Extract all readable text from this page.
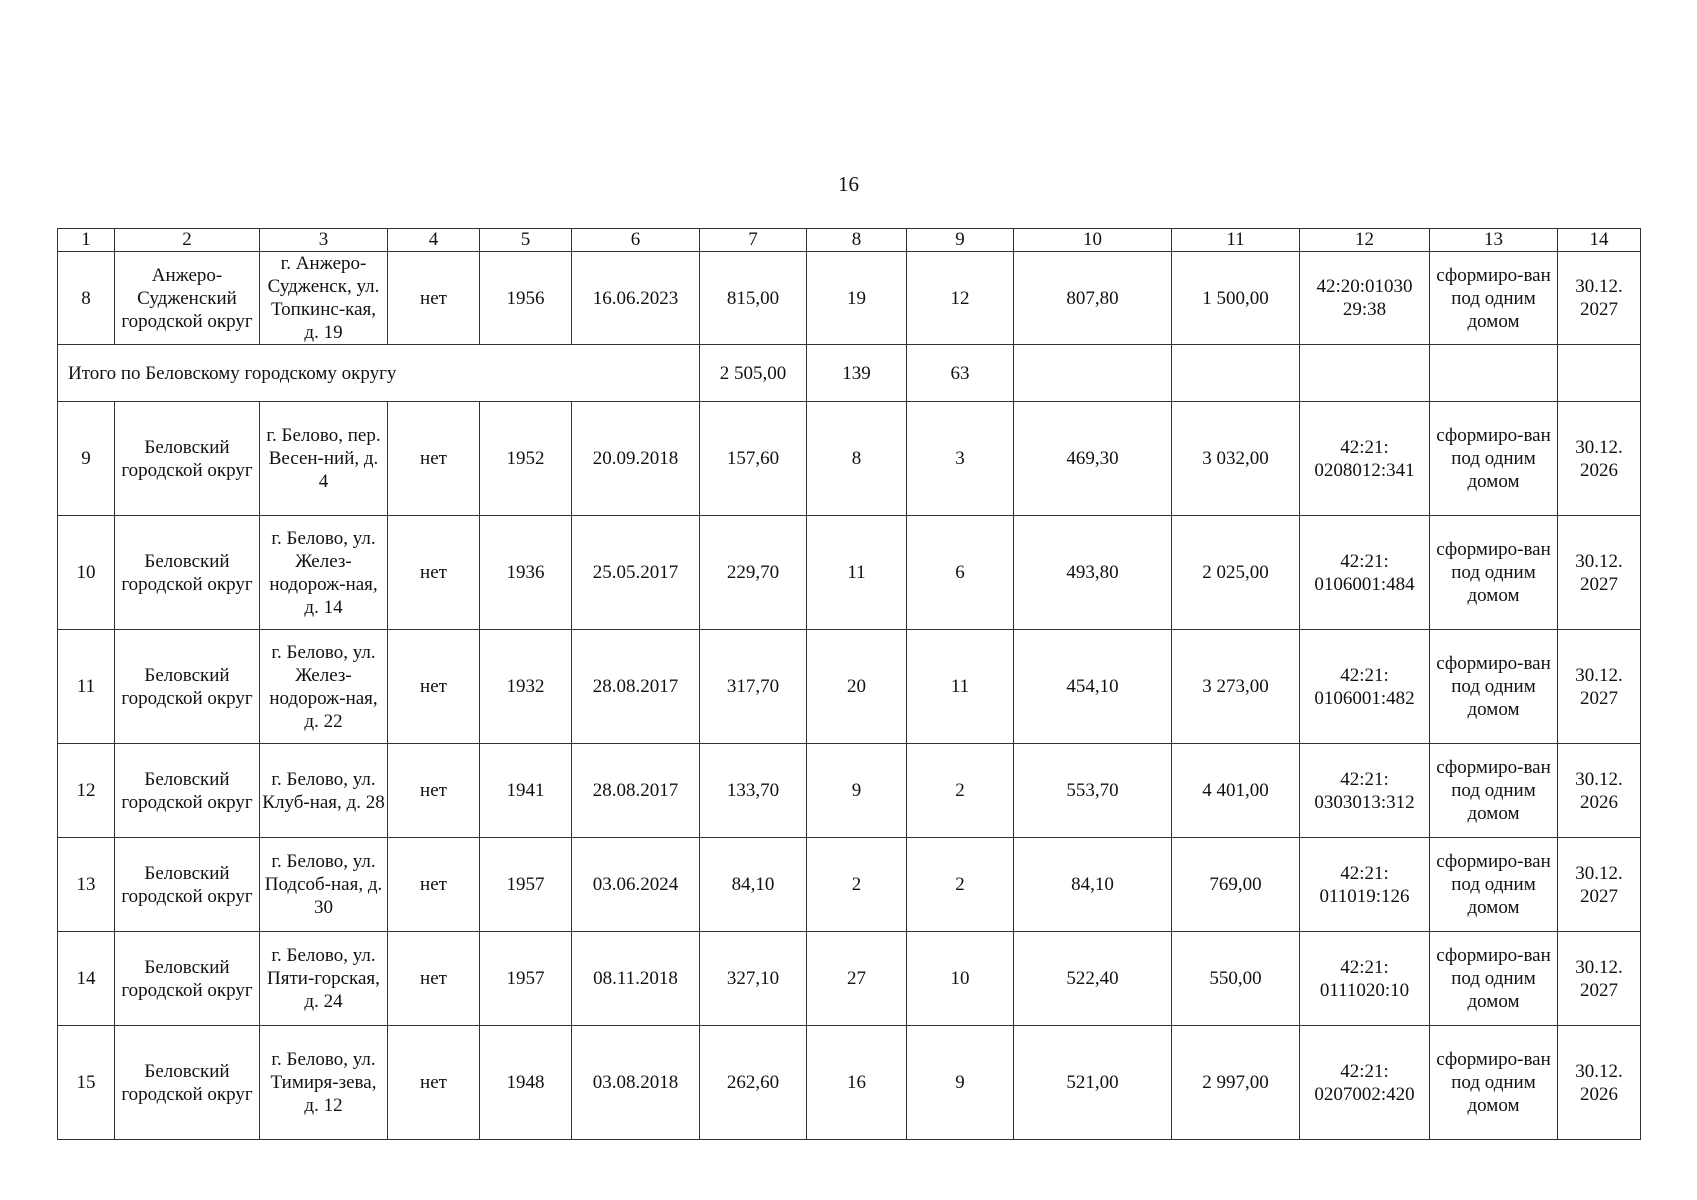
16
1	2	3	4	5	6	7	8	9	10	11	12	13	14
8	Анжеро-Судженский городской округ	г. Анжеро-Судженск, ул. Топкинс-кая, д. 19	нет	1956	16.06.2023	815,00	19	12	807,80	1 500,00	42:20:01030 29:38	сформиро-ван под одним домом	30.12. 2027
Итого по Беловскому городскому округу						2 505,00	139	63					
9	Беловский городской округ	г. Белово, пер. Весен-ний, д. 4	нет	1952	20.09.2018	157,60	8	3	469,30	3 032,00	42:21: 0208012:341	сформиро-ван под одним домом	30.12. 2026
10	Беловский городской округ	г. Белово, ул. Желез-нодорож-ная, д. 14	нет	1936	25.05.2017	229,70	11	6	493,80	2 025,00	42:21: 0106001:484	сформиро-ван под одним домом	30.12. 2027
11	Беловский городской округ	г. Белово, ул. Желез-нодорож-ная, д. 22	нет	1932	28.08.2017	317,70	20	11	454,10	3 273,00	42:21: 0106001:482	сформиро-ван под одним домом	30.12. 2027
12	Беловский городской округ	г. Белово, ул. Клуб-ная, д. 28	нет	1941	28.08.2017	133,70	9	2	553,70	4 401,00	42:21: 0303013:312	сформиро-ван под одним домом	30.12. 2026
13	Беловский городской округ	г. Белово, ул. Подсоб-ная, д. 30	нет	1957	03.06.2024	84,10	2	2	84,10	769,00	42:21: 011019:126	сформиро-ван под одним домом	30.12. 2027
14	Беловский городской округ	г. Белово, ул. Пяти-горская, д. 24	нет	1957	08.11.2018	327,10	27	10	522,40	550,00	42:21: 0111020:10	сформиро-ван под одним домом	30.12. 2027
15	Беловский городской округ	г. Белово, ул. Тимиря-зева, д. 12	нет	1948	03.08.2018	262,60	16	9	521,00	2 997,00	42:21: 0207002:420	сформиро-ван под одним домом	30.12. 2026
